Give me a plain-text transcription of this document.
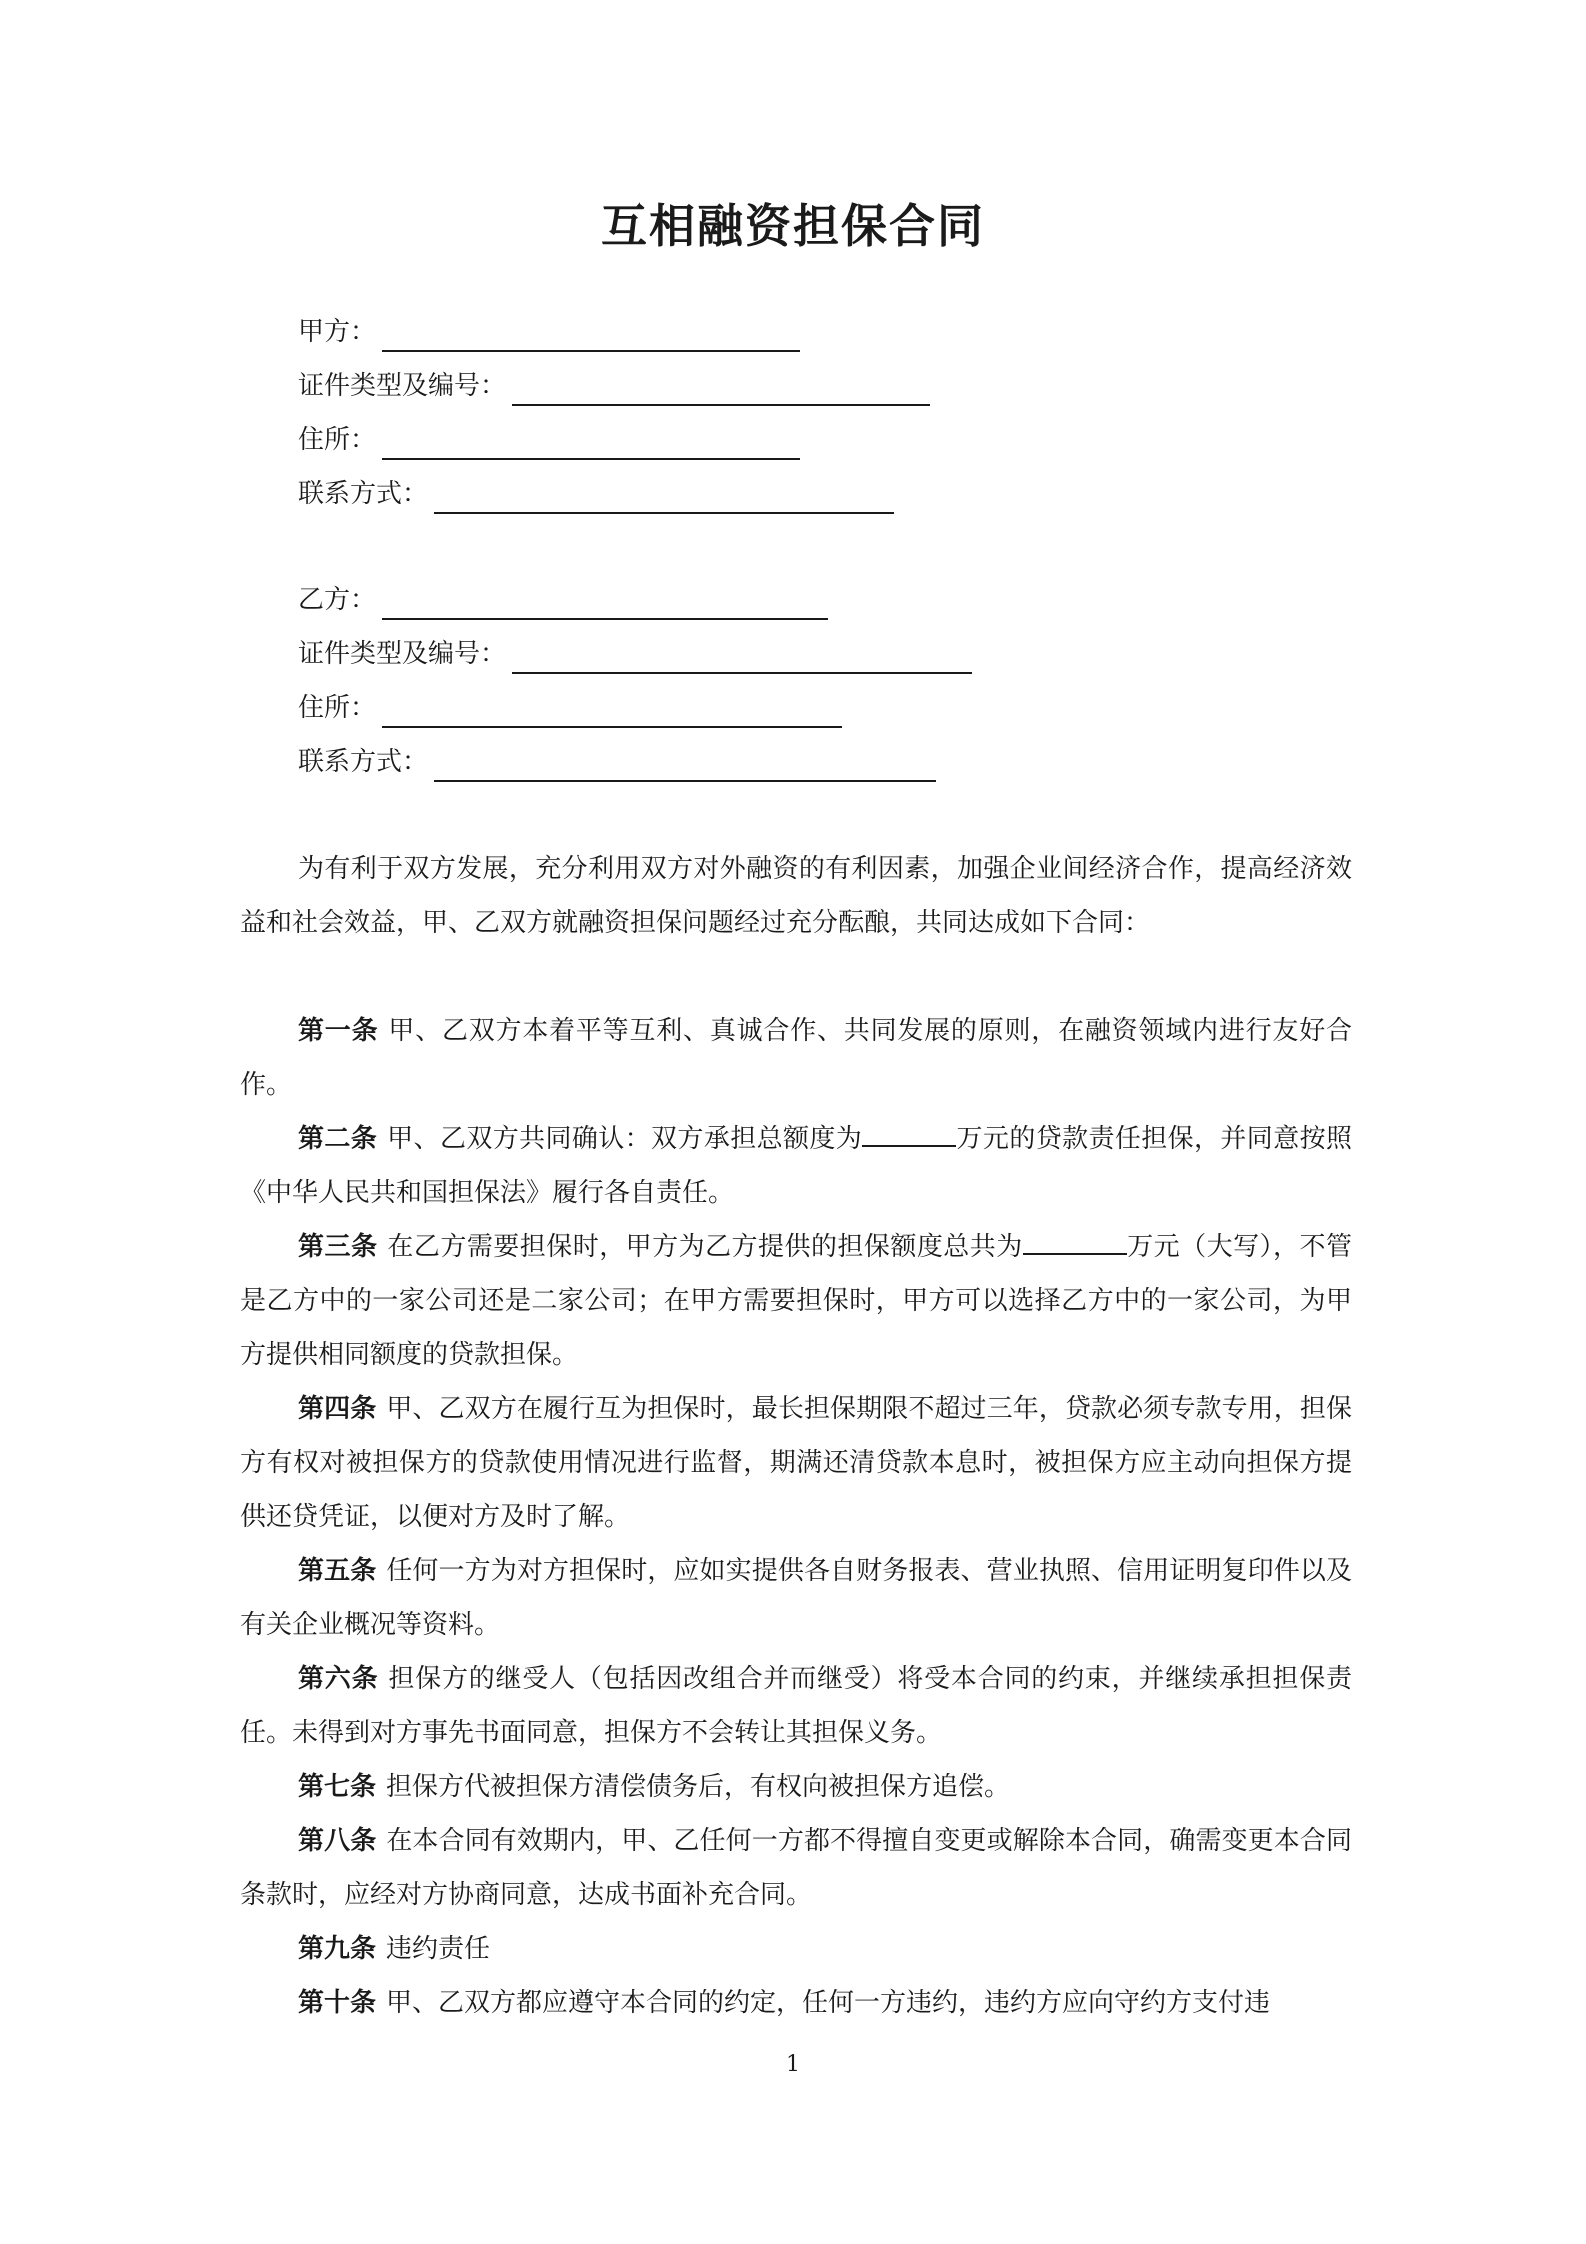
互相融资担保合同
甲方：
证件类型及编号：
住所：
联系方式：
乙方：
证件类型及编号：
住所：
联系方式：
为有利于双方发展，充分利用双方对外融资的有利因素，加强企业间经济合作，提高经济效益和社会效益，甲、乙双方就融资担保问题经过充分酝酿，共同达成如下合同：
第一条 甲、乙双方本着平等互利、真诚合作、共同发展的原则，在融资领域内进行友好合作。
第二条 甲、乙双方共同确认：双方承担总额度为	万元的贷款责任担保，并同意按照《中华人民共和国担保法》履行各自责任。
第三条 在乙方需要担保时，甲方为乙方提供的担保额度总共为	万元（大写），不管是乙方中的一家公司还是二家公司；在甲方需要担保时，甲方可以选择乙方中的一家公司，为甲方提供相同额度的贷款担保。
第四条 甲、乙双方在履行互为担保时，最长担保期限不超过三年，贷款必须专款专用，担保方有权对被担保方的贷款使用情况进行监督，期满还清贷款本息时，被担保方应主动向担保方提供还贷凭证，以便对方及时了解。
第五条 任何一方为对方担保时，应如实提供各自财务报表、营业执照、信用证明复印件以及有关企业概况等资料。
第六条 担保方的继受人（包括因改组合并而继受）将受本合同的约束，并继续承担担保责任。未得到对方事先书面同意，担保方不会转让其担保义务。
第七条 担保方代被担保方清偿债务后，有权向被担保方追偿。
第八条 在本合同有效期内，甲、乙任何一方都不得擅自变更或解除本合同，确需变更本合同条款时，应经对方协商同意，达成书面补充合同。
第九条 违约责任
第十条 甲、乙双方都应遵守本合同的约定，任何一方违约，违约方应向守约方支付违
1
